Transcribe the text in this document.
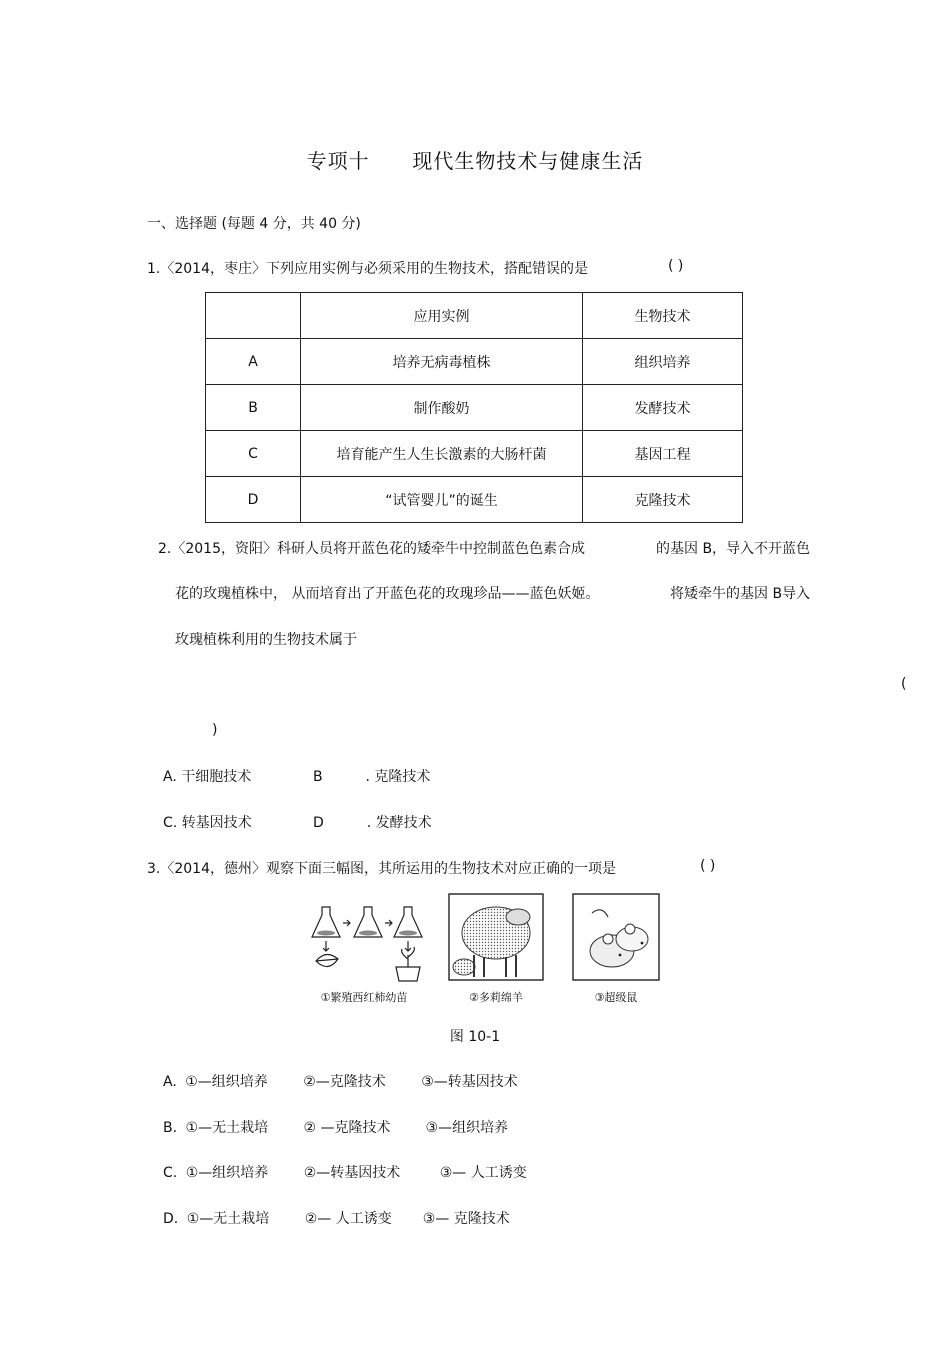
专项十 现代生物技术与健康生活
一、选择题 (每题 4 分，共 40 分)
1.〈2014，枣庄〉下列应用实例与必须采用的生物技术，搭配错误的是	( )
	应用实例	生物技术
A	培养无病毒植株	组织培养
B	制作酸奶	发酵技术
C	培育能产生人生长激素的大肠杆菌	基因工程
D	“试管婴儿”的诞生	克隆技术
2.〈2015，资阳〉科研人员将开蓝色花的矮牵牛中控制蓝色色素合成	的基因 B，导入不开蓝色
花的玫瑰植株中， 从而培育出了开蓝色花的玫瑰珍品——蓝色妖姬。	将矮牵牛的基因 B导入
玫瑰植株利用的生物技术属于
(
)
A. 干细胞技术	B	. 克隆技术
C. 转基因技术	D	. 发酵技术
3.〈2014，德州〉观察下面三幅图，其所运用的生物技术对应正确的一项是	( )
①繁殖西红柿幼苗	②多莉绵羊	③超级鼠
图 10-1
A. ①—组织培养	②—克隆技术	③—转基因技术
B. ①—无土栽培	② —克隆技术 ③—组织培养
C. ①—组织培养	②—转基因技术	③— 人工诱变
D. ①—无土栽培	②— 人工诱变 ③— 克隆技术
